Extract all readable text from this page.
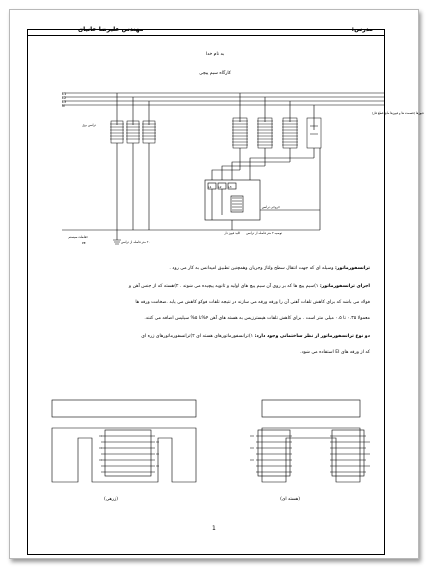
مدرس:
مهندس علیرضا خانیان
به نام خدا
کارگاه سیم پیچی
L1
L2
L3
N
فیوزها (قسمت ها و فیوزها مانع قطع فاز)
ترانس برق
L1 L2 L3
خروجی ترانس
کلید فیوز دار توصیه ۳ متر فاصله از ترانس
۲۰ متر فاصله از ترانس
حفاظت سیستم
PE
(زرهی)	(هسته ای)
ترانسفورماتور: وسیله ای که جهت انتقال سطح ولتاژ وجریان وهمچنین تطبیق امپدانس به کار می رود .
اجزای ترانسفورماتور: ۱)سیم پیچ ها که بر روی آن سیم پیچ های اولیه و ثانویه پیچیده می شوند . ۲)هسته که از جنس آهن و
فولاد می باشد که برای کاهش تلفات آهنی آن را ورقه ورقه می سازند در نتیجه تلفات فوکو کاهش می یابد .ضخامت ورقه ها
معمولا ۰.۳۵ تا ۰.۵ میلی متر است . برای کاهش تلفات هیسترزیس به هسته های آهن ۴%تا ۵% سیلیس اضافه می کنند.
دو نوع ترانسفورماتور از نظر ساختمانی وجود دارد: ۱)ترانسفورماتورهای هسته ای ۲)ترانسفورماتورهای زره ای
که از ورقه های EI استفاده می شود.
1
